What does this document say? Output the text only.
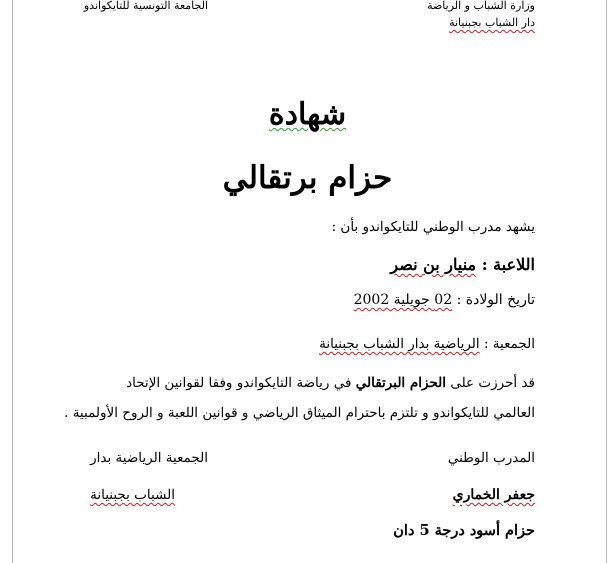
وزارة الشباب و الرياضة
دار الشباب بجبنيانة
الجامعة التونسية للتايكواندو
شهادة
حزام برتقالي
يشهد مدرب الوطني للتايكواندو بأن :
اللاعبة : منيار بن نصر
تاريخ الولادة : 02 جويلية 2002
الجمعية : الرياضية بدار الشباب بجبنيانة
قد أحرزت على الحزام البرتقالي في رياضة التايكواندو وفقا لقوانين الإتحاد
العالمي للتايكواندو و تلتزم باحترام الميثاق الرياضي و قوانين اللعبة و الروح الأولمبية .
المدرب الوطني
الجمعية الرياضية بدار
جعفر الخماري
الشباب بجبنيانة
حزام أسود درجة 5 دان
